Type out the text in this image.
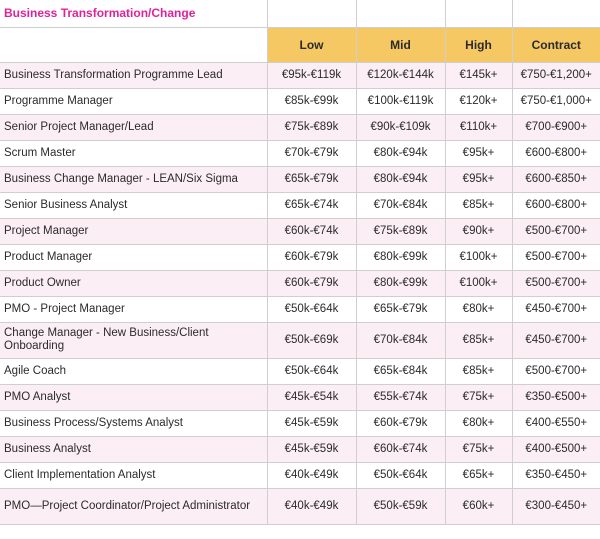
Business Transformation/Change				
	Low	Mid	High	Contract
Business Transformation Programme Lead	€95k-€119k	€120k-€144k	€145k+	€750-€1,200+
Programme Manager	€85k-€99k	€100k-€119k	€120k+	€750-€1,000+
Senior Project Manager/Lead	€75k-€89k	€90k-€109k	€110k+	€700-€900+
Scrum Master	€70k-€79k	€80k-€94k	€95k+	€600-€800+
Business Change Manager - LEAN/Six Sigma	€65k-€79k	€80k-€94k	€95k+	€600-€850+
Senior Business Analyst	€65k-€74k	€70k-€84k	€85k+	€600-€800+
Project Manager	€60k-€74k	€75k-€89k	€90k+	€500-€700+
Product Manager	€60k-€79k	€80k-€99k	€100k+	€500-€700+
Product Owner	€60k-€79k	€80k-€99k	€100k+	€500-€700+
PMO - Project Manager	€50k-€64k	€65k-€79k	€80k+	€450-€700+
Change Manager - New Business/Client Onboarding	€50k-€69k	€70k-€84k	€85k+	€450-€700+
Agile Coach	€50k-€64k	€65k-€84k	€85k+	€500-€700+
PMO Analyst	€45k-€54k	€55k-€74k	€75k+	€350-€500+
Business Process/Systems Analyst	€45k-€59k	€60k-€79k	€80k+	€400-€550+
Business Analyst	€45k-€59k	€60k-€74k	€75k+	€400-€500+
Client Implementation Analyst	€40k-€49k	€50k-€64k	€65k+	€350-€450+
PMO—Project Coordinator/Project Administrator	€40k-€49k	€50k-€59k	€60k+	€300-€450+
